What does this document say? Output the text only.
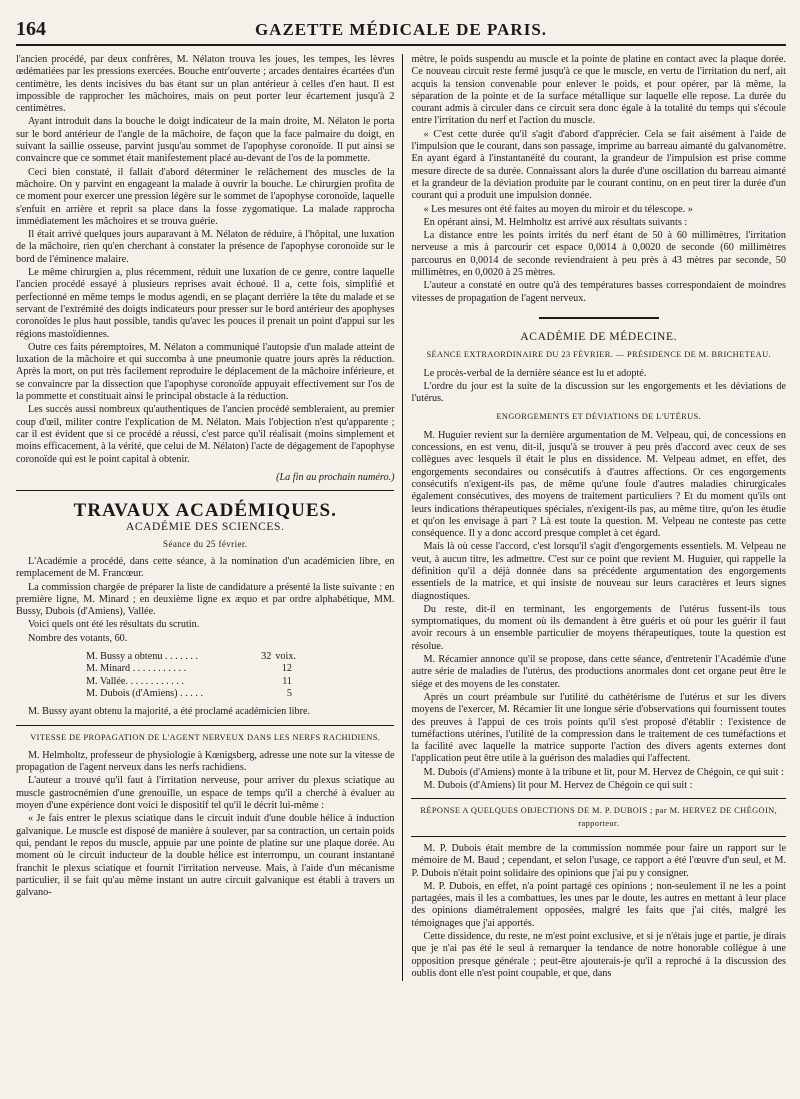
164	GAZETTE MÉDICALE DE PARIS.

l'ancien procédé, par deux confrères, M. Nélaton trouva les joues, les tempes, les lèvres œdématiées par les pressions exercées. Bouche entr'ouverte ; arcades dentaires écartées d'un centimètre, les dents incisives du bas étant sur un plan antérieur à celles d'en haut. Il est impossible de rapprocher les mâchoires, mais on peut porter leur écartement jusqu'à 2 centimètres.

Ayant introduit dans la bouche le doigt indicateur de la main droite, M. Nélaton le porta sur le bord antérieur de l'angle de la mâchoire, de façon que la face palmaire du doigt, en suivant la saillie osseuse, parvint jusqu'au sommet de l'apophyse coronoïde. Il put ainsi se convaincre que ce sommet était manifestement placé au-devant de l'os de la pommette.

Ceci bien constaté, il fallait d'abord déterminer le relâchement des muscles de la mâchoire. On y parvint en engageant la malade à ouvrir la bouche. Le chirurgien profita de ce moment pour exercer une pression légère sur le sommet de l'apophyse coronoïde, laquelle s'enfuit en arrière et reprit sa place dans la fosse zygomatique. La malade rapprocha immédiatement les mâchoires et se trouva guérie.

Il était arrivé quelques jours auparavant à M. Nélaton de réduire, à l'hôpital, une luxation de la mâchoire, rien qu'en cherchant à constater la présence de l'apophyse coronoïde sur le bord de l'éminence malaire.

Le même chirurgien a, plus récemment, réduit une luxation de ce genre, contre laquelle l'ancien procédé essayé à plusieurs reprises avait échoué. Il a, cette fois, simplifié et perfectionné en même temps le modus agendi, en se plaçant derrière la tête du malade et se servant de l'extrémité des doigts indicateurs pour presser sur le bord antérieur des apophyses coronoïdes le plus haut possible, tandis qu'avec les pouces il prenait un point d'appui sur les régions mastoïdiennes.

Outre ces faits péremptoires, M. Nélaton a communiqué l'autopsie d'un malade atteint de luxation de la mâchoire et qui succomba à une pneumonie quatre jours après la réduction. Après la mort, on put très facilement reproduire le déplacement de la mâchoire inférieure, et se convaincre par la dissection que l'apophyse coronoïde appuyait effectivement sur l'os de la pommette et constituait ainsi le principal obstacle à la réduction.

Les succès aussi nombreux qu'authentiques de l'ancien procédé sembleraient, au premier coup d'œil, militer contre l'explication de M. Nélaton. Mais l'objection n'est qu'apparente ; car il est évident que si ce procédé a réussi, c'est parce qu'il réalisait (moins simplement et moins efficacement, à la vérité, que celui de M. Nélaton) l'acte de dégagement de l'apophyse coronoïde qui est le point capital à obtenir.

(La fin au prochain numéro.)
TRAVAUX ACADÉMIQUES.
ACADÉMIE DES SCIENCES.
Séance du 25 février.

L'Académie a procédé, dans cette séance, à la nomination d'un académicien libre, en remplacement de M. Francœur.

La commission chargée de préparer la liste de candidature a présenté la liste suivante : en première ligne, M. Minard ; en deuxième ligne ex æquo et par ordre alphabétique, MM. Bussy, Dubois (d'Amiens), Vallée.

Voici quels ont été les résultats du scrutin.

Nombre des votants, 60.

M. Bussy a obtenu . . . . . . .	32 voix.
M. Minard . . . . . . . . . . .	12
M. Vallée. . . . . . . . . . . .	11
M. Dubois (d'Amiens) . . . . .	5

M. Bussy ayant obtenu la majorité, a été proclamé académicien libre.

VITESSE DE PROPAGATION DE L'AGENT NERVEUX DANS LES NERFS RACHIDIENS.

M. Helmholtz, professeur de physiologie à Kœnigsberg, adresse une note sur la vitesse de propagation de l'agent nerveux dans les nerfs rachidiens.

L'auteur a trouvé qu'il faut à l'irritation nerveuse, pour arriver du plexus sciatique au muscle gastrocnémien d'une grenouille, un espace de temps qu'il a cherché à évaluer au moyen d'une expérience dont voici le dispositif tel qu'il le décrit lui-même :

« Je fais entrer le plexus sciatique dans le circuit induit d'une double hélice à induction galvanique. Le muscle est disposé de manière à soulever, par sa contraction, un certain poids qui, pendant le repos du muscle, appuie par une pointe de platine sur une plaque dorée. Au moment où le circuit inducteur de la double hélice est interrompu, un courant instantané franchit le plexus sciatique et fournit l'irritation nerveuse. Mais, à l'aide d'un mécanisme particulier, il se fait qu'au même instant un autre circuit galvanique est établi à travers un galvano-

mètre, le poids suspendu au muscle et la pointe de platine en contact avec la plaque dorée. Ce nouveau circuit reste fermé jusqu'à ce que le muscle, en vertu de l'irritation du nerf, ait acquis la tension convenable pour enlever le poids, et pour opérer, par là même, la séparation de la pointe et de la surface métallique sur laquelle elle repose. La durée du courant admis à circuler dans ce circuit sera donc égale à la totalité du temps qui s'écoule entre l'irritation du nerf et l'action du muscle.

« C'est cette durée qu'il s'agit d'abord d'apprécier. Cela se fait aisément à l'aide de l'impulsion que le courant, dans son passage, imprime au barreau aimanté du galvanomètre. En ayant égard à l'instantanéité du courant, la grandeur de l'impulsion est prise comme mesure directe de sa durée. Connaissant alors la durée d'une oscillation du barreau aimanté et la grandeur de la déviation produite par le courant continu, on en peut tirer la durée d'un courant qui a produit une impulsion donnée.

« Les mesures ont été faites au moyen du miroir et du télescope. »

En opérant ainsi, M. Helmholtz est arrivé aux résultats suivants :

La distance entre les points irrités du nerf étant de 50 à 60 millimètres, l'irritation nerveuse a mis à parcourir cet espace 0,0014 à 0,0020 de seconde (60 millimètres parcourus en 0,0014 de seconde reviendraient à peu près à 43 mètres par seconde, 50 millimètres, en 0,0020 à 25 mètres.

L'auteur a constaté en outre qu'à des températures basses correspondaient de moindres vitesses de propagation de l'agent nerveux.

ACADÉMIE DE MÉDECINE.
SÉANCE EXTRAORDINAIRE DU 23 FÉVRIER. — PRÉSIDENCE DE M. BRICHETEAU.

Le procès-verbal de la dernière séance est lu et adopté.

L'ordre du jour est la suite de la discussion sur les engorgements et les déviations de l'utérus.

ENGORGEMENTS ET DÉVIATIONS DE L'UTÉRUS.

M. Huguier revient sur la dernière argumentation de M. Velpeau, qui, de concessions en concessions, en est venu, dit-il, jusqu'à se trouver à peu près d'accord avec ceux de ses collègues avec lesquels il était le plus en dissidence. M. Velpeau admet, en effet, des engorgements secondaires ou consécutifs à d'autres affections. Or ces engorgements consécutifs n'exigent-ils pas, de même qu'une foule d'autres maladies chirurgicales également consécutives, des moyens de traitement particuliers ? Et du moment qu'ils ont leurs indications thérapeutiques spéciales, n'exigent-ils pas, au même titre, qu'on les étudie et qu'on les envisage à part ? Là est toute la question. M. Velpeau ne conteste pas cette conséquence. Il y a donc accord presque complet à cet égard.

Mais là où cesse l'accord, c'est lorsqu'il s'agit d'engorgements essentiels. M. Velpeau ne veut, à aucun titre, les admettre. C'est sur ce point que revient M. Huguier, qui rappelle la définition qu'il a déjà donnée dans sa précédente argumentation des engorgements essentiels de la matrice, et qui insiste de nouveau sur leurs caractères et leurs signes diagnostiques.

Du reste, dit-il en terminant, les engorgements de l'utérus fussent-ils tous symptomatiques, du moment où ils demandent à être guéris et où pour les guérir il faut avoir recours à un ensemble particulier de moyens thérapeutiques, toute la question est résolue.

M. Récamier annonce qu'il se propose, dans cette séance, d'entretenir l'Académie d'une autre série de maladies de l'utérus, des productions anormales dont cet organe peut être le siége et des moyens de les constater.

Après un court préambule sur l'utilité du cathétérisme de l'utérus et sur les divers moyens de l'exercer, M. Récamier lit une longue série d'observations qui fournissent toutes des preuves à l'appui de ces trois points qu'il s'est proposé d'établir : l'existence de tuméfactions utérines, l'utilité de la compression dans le traitement de ces tuméfactions et la facilité avec laquelle la matrice supporte l'action des divers agents externes dont l'application peut être utile à la guérison des maladies qui l'affectent.

M. Dubois (d'Amiens) monte à la tribune et lit, pour M. Hervez de Chégoin, ce qui suit :

M. Dubois (d'Amiens) lit pour M. Hervez de Chégoin ce qui suit :

RÉPONSE A QUELQUES OBJECTIONS DE M. P. DUBOIS ; par M. HERVEZ DE CHÉGOIN, rapporteur.

M. P. Dubois était membre de la commission nommée pour faire un rapport sur le mémoire de M. Baud ; cependant, et selon l'usage, ce rapport a été l'œuvre d'un seul, et M. P. Dubois n'était point solidaire des opinions que j'ai pu y consigner.

M. P. Dubois, en effet, n'a point partagé ces opinions ; non-seulement il ne les a point partagées, mais il les a combattues, les unes par le doute, les autres en mettant à leur place des opinions diamétralement opposées, malgré les faits que j'ai cités, malgré les témoignages que j'ai apportés.

Cette dissidence, du reste, ne m'est point exclusive, et si je n'étais juge et partie, je dirais que je n'ai pas été le seul à remarquer la tendance de notre honorable collègue à une opposition presque générale ; peut-être ajouterais-je qu'il a reproché à la discussion des oublis dont elle n'est point coupable, et que, dans
